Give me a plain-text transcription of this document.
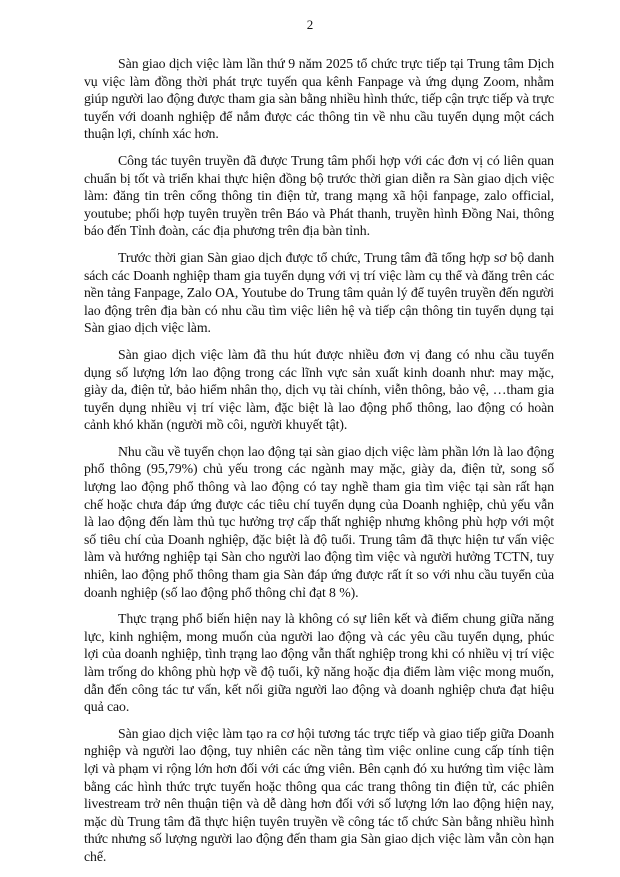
2

Sàn giao dịch việc làm lần thứ 9 năm 2025 tổ chức trực tiếp tại Trung tâm Dịch vụ việc làm đồng thời phát trực tuyến qua kênh Fanpage và ứng dụng Zoom, nhằm giúp người lao động được tham gia sàn bằng nhiều hình thức, tiếp cận trực tiếp và trực tuyến với doanh nghiệp để nắm được các thông tin về nhu cầu tuyển dụng một cách thuận lợi, chính xác hơn.

Công tác tuyên truyền đã được Trung tâm phối hợp với các đơn vị có liên quan chuẩn bị tốt và triển khai thực hiện đồng bộ trước thời gian diễn ra Sàn giao dịch việc làm: đăng tin trên cổng thông tin điện tử, trang mạng xã hội fanpage, zalo official, youtube; phối hợp tuyên truyền trên Báo và Phát thanh, truyền hình Đồng Nai, thông báo đến Tỉnh đoàn, các địa phương trên địa bàn tỉnh.

Trước thời gian Sàn giao dịch được tổ chức, Trung tâm đã tổng hợp sơ bộ danh sách các Doanh nghiệp tham gia tuyển dụng với vị trí việc làm cụ thể và đăng trên các nền tảng Fanpage, Zalo OA, Youtube do Trung tâm quản lý để tuyên truyền đến người lao động trên địa bàn có nhu cầu tìm việc liên hệ và tiếp cận thông tin tuyển dụng tại Sàn giao dịch việc làm.

Sàn giao dịch việc làm đã thu hút được nhiều đơn vị đang có nhu cầu tuyển dụng số lượng lớn lao động trong các lĩnh vực sản xuất kinh doanh như: may mặc, giày da, điện tử, bảo hiểm nhân thọ, dịch vụ tài chính, viễn thông, bảo vệ, …tham gia tuyển dụng nhiều vị trí việc làm, đặc biệt là lao động phổ thông, lao động có hoàn cảnh khó khăn (người mồ côi, người khuyết tật).

Nhu cầu về tuyển chọn lao động tại sàn giao dịch việc làm phần lớn là lao động phổ thông (95,79%) chủ yếu trong các ngành may mặc, giày da, điện tử, song số lượng lao động phổ thông và lao động có tay nghề tham gia tìm việc tại sàn rất hạn chế hoặc chưa đáp ứng được các tiêu chí tuyển dụng của Doanh nghiệp, chủ yếu vẫn là lao động đến làm thủ tục hưởng trợ cấp thất nghiệp nhưng không phù hợp với một số tiêu chí của Doanh nghiệp, đặc biệt là độ tuổi. Trung tâm đã thực hiện tư vấn việc làm và hướng nghiệp tại Sàn cho người lao động tìm việc và người hưởng TCTN, tuy nhiên, lao động phổ thông tham gia Sàn đáp ứng được rất ít so với nhu cầu tuyển của doanh nghiệp (số lao động phổ thông chỉ đạt 8 %).

Thực trạng phổ biến hiện nay là không có sự liên kết và điểm chung giữa năng lực, kinh nghiệm, mong muốn của người lao động và các yêu cầu tuyển dụng, phúc lợi của doanh nghiệp, tình trạng lao động vẫn thất nghiệp trong khi có nhiều vị trí việc làm trống do không phù hợp về độ tuổi, kỹ năng hoặc địa điểm làm việc mong muốn, dẫn đến công tác tư vấn, kết nối giữa người lao động và doanh nghiệp chưa đạt hiệu quả cao.

Sàn giao dịch việc làm tạo ra cơ hội tương tác trực tiếp và giao tiếp giữa Doanh nghiệp và người lao động, tuy nhiên các nền tảng tìm việc online cung cấp tính tiện lợi và phạm vi rộng lớn hơn đối với các ứng viên. Bên cạnh đó xu hướng tìm việc làm bằng các hình thức trực tuyến hoặc thông qua các trang thông tin điện tử, các phiên livestream trở nên thuận tiện và dễ dàng hơn đối với số lượng lớn lao động hiện nay, mặc dù Trung tâm đã thực hiện tuyên truyền về công tác tổ chức Sàn bằng nhiều hình thức nhưng số lượng người lao động đến tham gia Sàn giao dịch việc làm vẫn còn hạn chế.
